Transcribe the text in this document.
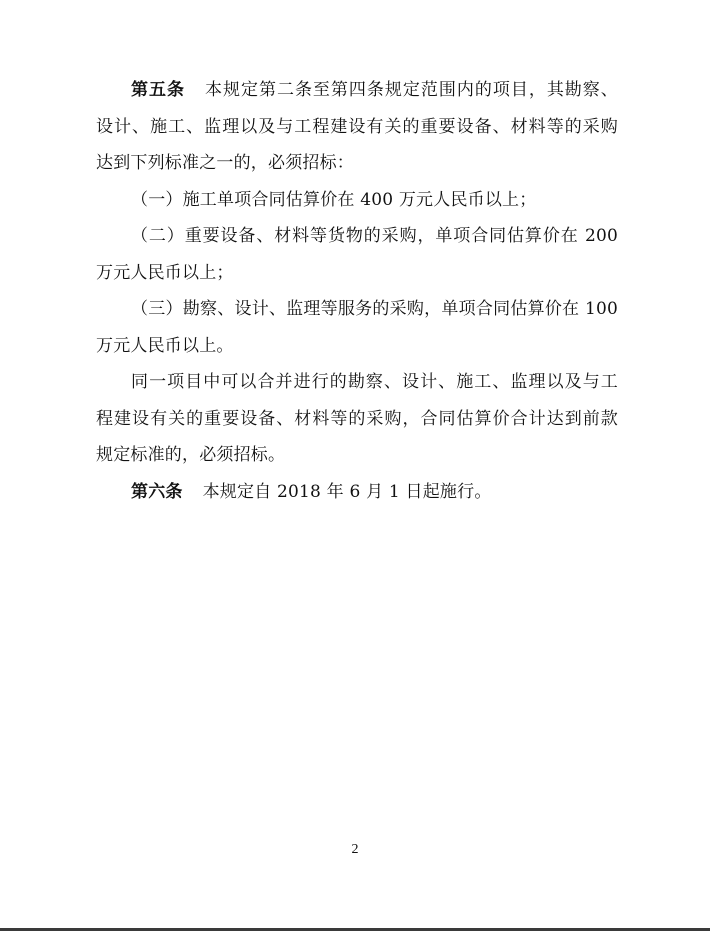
第五条 本规定第二条至第四条规定范围内的项目，其勘察、
设计、施工、监理以及与工程建设有关的重要设备、材料等的采购
达到下列标准之一的，必须招标：
（一）施工单项合同估算价在 400 万元人民币以上；
（二）重要设备、材料等货物的采购，单项合同估算价在 200
万元人民币以上；
（三）勘察、设计、监理等服务的采购，单项合同估算价在 100
万元人民币以上。
同一项目中可以合并进行的勘察、设计、施工、监理以及与工
程建设有关的重要设备、材料等的采购，合同估算价合计达到前款
规定标准的，必须招标。
第六条 本规定自 2018 年 6 月 1 日起施行。
2
